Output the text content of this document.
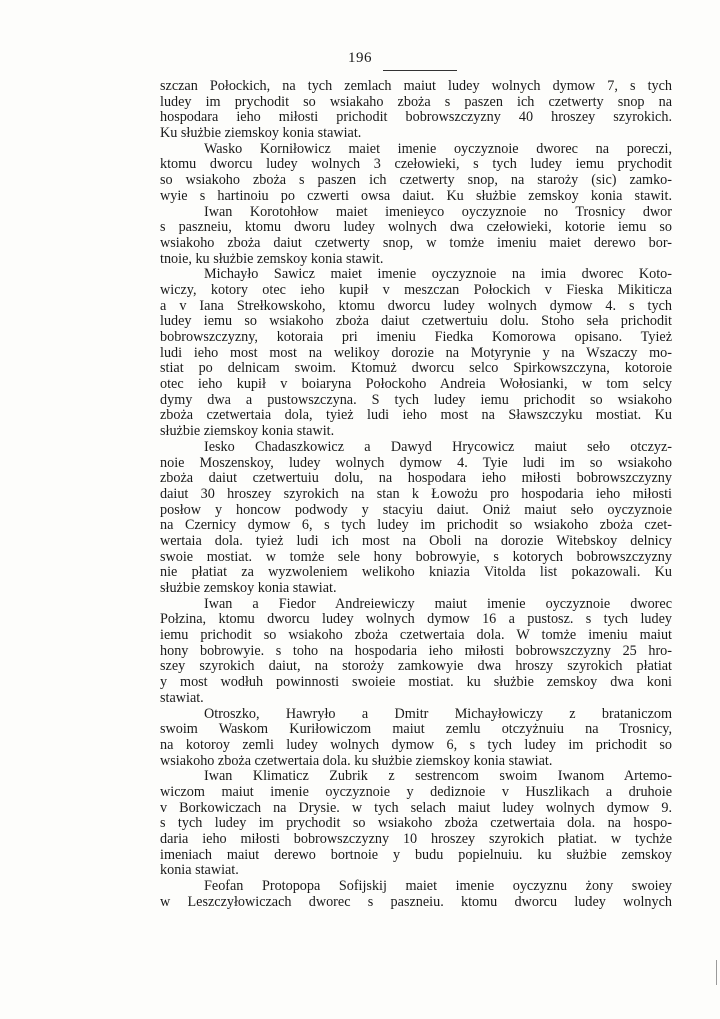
196
szczan Połockich, na tych zemlach maiut ludey wolnych dymow 7, s tych
ludey im prychodit so wsiakaho zboża s paszen ich czetwerty snop na
hospodara ieho miłosti prichodit bobrowszczyzny 40 hroszey szyrokich.
Ku służbie ziemskoy konia stawiat.
Wasko Korniłowicz maiet imenie oyczyznoie dworec na poreczi,
ktomu dworcu ludey wolnych 3 czełowieki, s tych ludey iemu prychodit
so wsiakoho zboża s paszen ich czetwerty snop, na staroży (sic) zamko-
wyie s hartinoiu po czwerti owsa daiut. Ku służbie zemskoy konia stawit.
Iwan Korotohłow maiet imenieyco oyczyznoie no Trosnicy dwor
s paszneiu, ktomu dworu ludey wolnych dwa czełowieki, kotorie iemu so
wsiakoho zboża daiut czetwerty snop, w tomże imeniu maiet derewo bor-
tnoie, ku służbie zemskoy konia stawit.
Michayło Sawicz maiet imenie oyczyznoie na imia dworec Koto-
wiczy, kotory otec ieho kupił v meszczan Połockich v Fieska Mikiticza
a v Iana Strełkowskoho, ktomu dworcu ludey wolnych dymow 4. s tych
ludey iemu so wsiakoho zboża daiut czetwertuiu dolu. Stoho seła prichodit
bobrowszczyzny, kotoraia pri imeniu Fiedka Komorowa opisano. Tyież
ludi ieho most most na welikoy dorozie na Motyrynie y na Wszaczy mo-
stiat po delnicam swoim. Ktomuż dworcu selco Spirkowszczyna, kotoroie
otec ieho kupił v boiaryna Połockoho Andreia Wołosianki, w tom selcy
dymy dwa a pustowszczyna. S tych ludey iemu prichodit so wsiakoho
zboża czetwertaia dola, tyież ludi ieho most na Sławszczyku mostiat. Ku
służbie ziemskoy konia stawit.
Iesko Chadaszkowicz a Dawyd Hrycowicz maiut seło otczyz-
noie Moszenskoy, ludey wolnych dymow 4. Tyie ludi im so wsiakoho
zboża daiut czetwertuiu dolu, na hospodara ieho miłosti bobrowszczyzny
daiut 30 hroszey szyrokich na stan k Łowożu pro hospodaria ieho miłosti
posłow y honcow podwody y stacyiu daiut. Oniż maiut seło oyczyznoie
na Czernicy dymow 6, s tych ludey im prichodit so wsiakoho zboża czet-
wertaia dola. tyież ludi ich most na Oboli na dorozie Witebskoy delnicy
swoie mostiat. w tomże sele hony bobrowyie, s kotorych bobrowszczyzny
nie płatiat za wyzwoleniem welikoho kniazia Vitolda list pokazowali. Ku
służbie zemskoy konia stawiat.
Iwan a Fiedor Andreiewiczy maiut imenie oyczyznoie dworec
Połzina, ktomu dworcu ludey wolnych dymow 16 a pustosz. s tych ludey
iemu prichodit so wsiakoho zboża czetwertaia dola. W tomże imeniu maiut
hony bobrowyie. s toho na hospodaria ieho miłosti bobrowszczyzny 25 hro-
szey szyrokich daiut, na storoży zamkowyie dwa hroszy szyrokich płatiat
y most wodłuh powinnosti swoieie mostiat. ku służbie zemskoy dwa koni
stawiat.
Otroszko, Hawryło a Dmitr Michayłowiczy z brataniczom
swoim Waskom Kuriłowiczom maiut zemlu otczyżnuiu na Trosnicy,
na kotoroy zemli ludey wolnych dymow 6, s tych ludey im prichodit so
wsiakoho zboża czetwertaia dola. ku służbie ziemskoy konia stawiat.
Iwan Klimaticz Zubrik z sestrencom swoim Iwanom Artemo-
wiczom maiut imenie oyczyznoie y dediznoie v Huszlikach a druhoie
v Borkowiczach na Drysie. w tych selach maiut ludey wolnych dymow 9.
s tych ludey im prychodit so wsiakoho zboża czetwertaia dola. na hospo-
daria ieho miłosti bobrowszczyzny 10 hroszey szyrokich płatiat. w tychże
imeniach maiut derewo bortnoie y budu popielnuiu. ku służbie zemskoy
konia stawiat.
Feofan Protopopa Sofijskij maiet imenie oyczyznu żony swoiey
w Leszczyłowiczach dworec s paszneiu. ktomu dworcu ludey wolnych
